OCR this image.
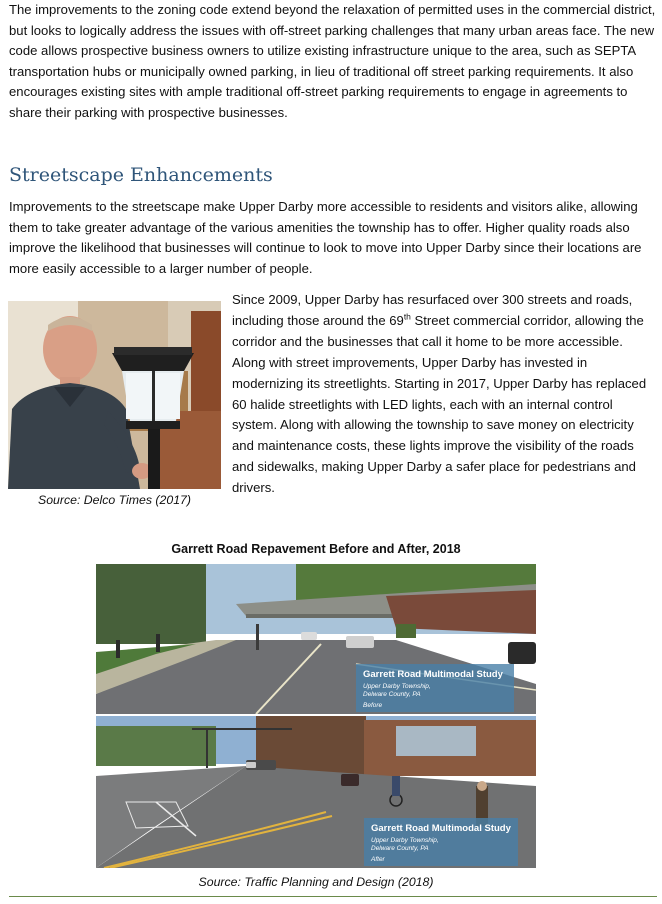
The improvements to the zoning code extend beyond the relaxation of permitted uses in the commercial district, but looks to logically address the issues with off-street parking challenges that many urban areas face. The new code allows prospective business owners to utilize existing infrastructure unique to the area, such as SEPTA transportation hubs or municipally owned parking, in lieu of traditional off street parking requirements. It also encourages existing sites with ample traditional off-street parking requirements to engage in agreements to share their parking with prospective businesses.

Streetscape Enhancements

Improvements to the streetscape make Upper Darby more accessible to residents and visitors alike, allowing them to take greater advantage of the various amenities the township has to offer. Higher quality roads also improve the likelihood that businesses will continue to look to move into Upper Darby since their locations are more easily accessible to a larger number of people.

Source: Delco Times (2017)

Since 2009, Upper Darby has resurfaced over 300 streets and roads, including those around the 69th Street commercial corridor, allowing the corridor and the businesses that call it home to be more accessible. Along with street improvements, Upper Darby has invested in modernizing its streetlights. Starting in 2017, Upper Darby has replaced 60 halide streetlights with LED lights, each with an internal control system. Along with allowing the township to save money on electricity and maintenance costs, these lights improve the visibility of the roads and sidewalks, making Upper Darby a safer place for pedestrians and drivers.

Garrett Road Repavement Before and After, 2018
Garrett Road Multimodal Study
Upper Darby Township,
Delware County, PA
Before
Garrett Road Multimodal Study
Upper Darby Township,
Delware County, PA
After
Source: Traffic Planning and Design (2018)
